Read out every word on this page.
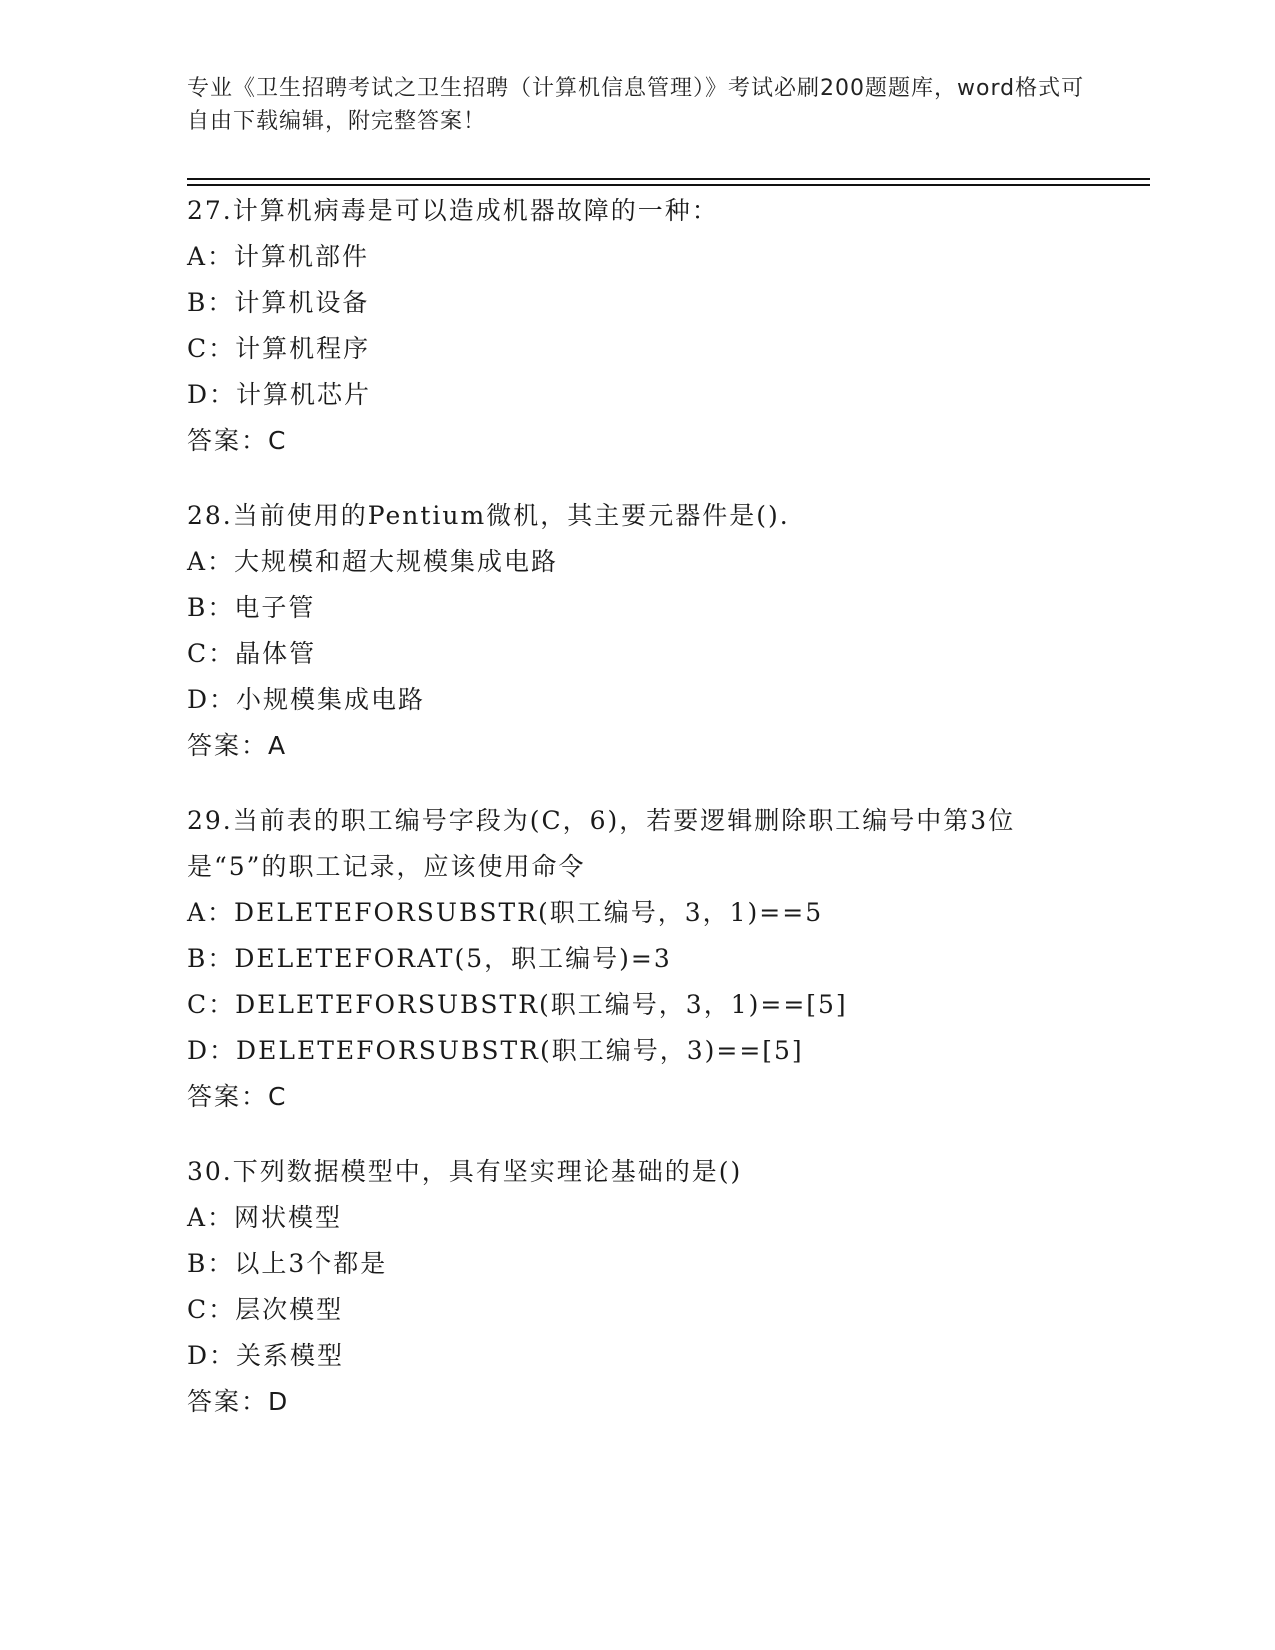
专业《卫生招聘考试之卫生招聘（计算机信息管理）》考试必刷200题题库，word格式可自由下载编辑，附完整答案！
27.计算机病毒是可以造成机器故障的一种：
A：计算机部件
B：计算机设备
C：计算机程序
D：计算机芯片
答案：C
28.当前使用的Pentium微机，其主要元器件是().
A：大规模和超大规模集成电路
B：电子管
C：晶体管
D：小规模集成电路
答案：A
29.当前表的职工编号字段为(C，6)，若要逻辑删除职工编号中第3位是“5”的职工记录，应该使用命令
A：DELETEFORSUBSTR(职工编号，3，1)==5
B：DELETEFORAT(5，职工编号)=3
C：DELETEFORSUBSTR(职工编号，3，1)==[5]
D：DELETEFORSUBSTR(职工编号，3)==[5]
答案：C
30.下列数据模型中，具有坚实理论基础的是()
A：网状模型
B：以上3个都是
C：层次模型
D：关系模型
答案：D
